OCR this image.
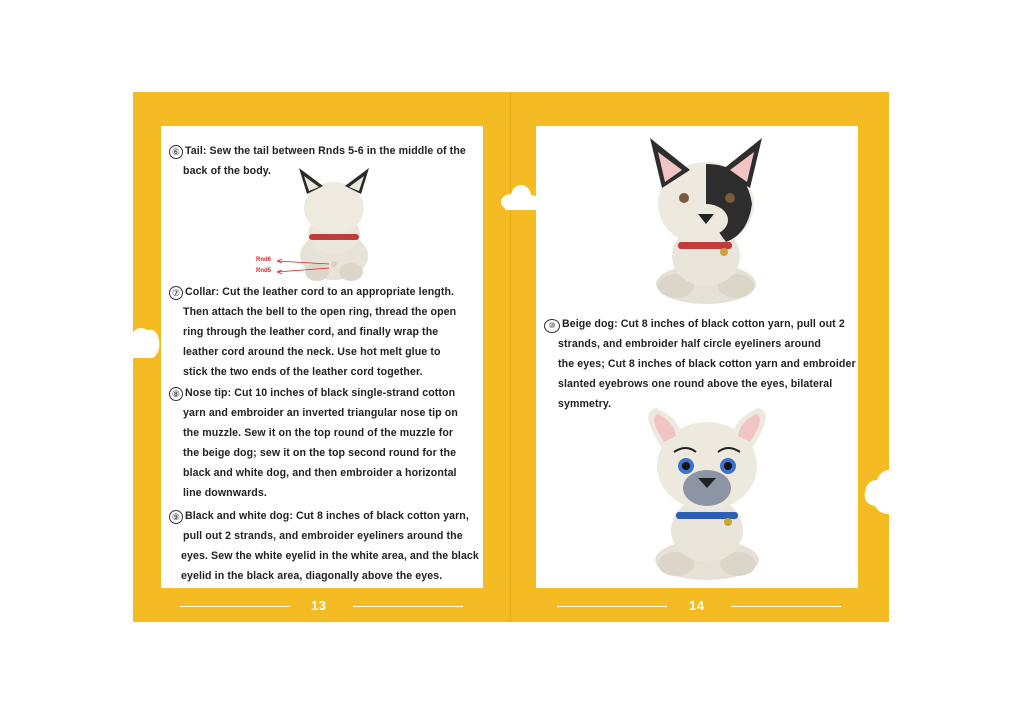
⑥ Tail: Sew the tail between Rnds 5-6 in the middle of the
back of the body.
Rnd6
Rnd5
⑦ Collar: Cut the leather cord to an appropriate length.
Then attach the bell to the open ring, thread the open
ring through the leather cord, and finally wrap the
leather cord around the neck. Use hot melt glue to
stick the two ends of the leather cord together.
⑧ Nose tip: Cut 10 inches of black single-strand cotton
yarn and embroider an inverted triangular nose tip on
the muzzle. Sew it on the top round of the muzzle for
the beige dog; sew it on the top second round for the
black and white dog, and then embroider a horizontal
line downwards.
⑨ Black and white dog: Cut 8 inches of black cotton yarn,
pull out 2 strands, and embroider eyeliners around the
eyes. Sew the white eyelid in the white area, and the black
eyelid in the black area, diagonally above the eyes.
⑩ Beige dog: Cut 8 inches of black cotton yarn, pull out 2
strands, and embroider half circle eyeliners around
the eyes; Cut 8 inches of black cotton yarn and embroider
slanted eyebrows one round above the eyes, bilateral
symmetry.
13	14
